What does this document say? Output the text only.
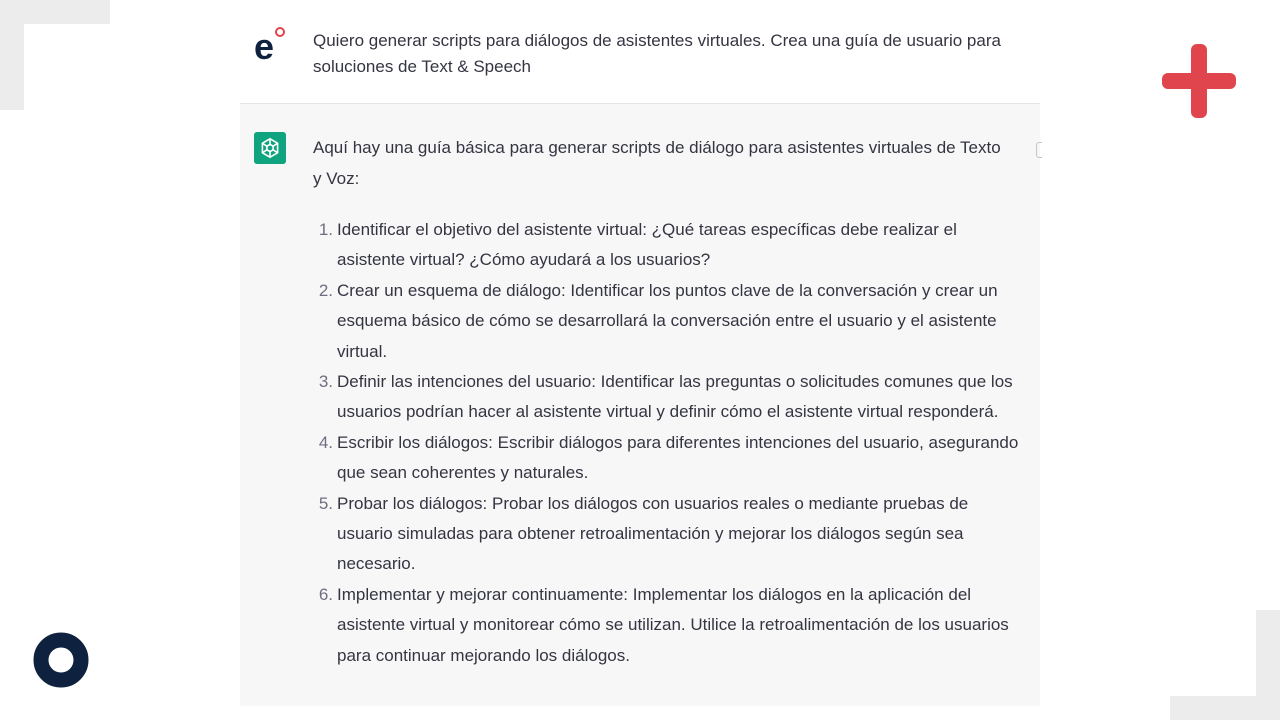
e Quiero generar scripts para diálogos de asistentes virtuales. Crea una guía de usuario para soluciones de Text & Speech

Aquí hay una guía básica para generar scripts de diálogo para asistentes virtuales de Texto y Voz:

1. Identificar el objetivo del asistente virtual: ¿Qué tareas específicas debe realizar el asistente virtual? ¿Cómo ayudará a los usuarios?
2. Crear un esquema de diálogo: Identificar los puntos clave de la conversación y crear un esquema básico de cómo se desarrollará la conversación entre el usuario y el asistente virtual.
3. Definir las intenciones del usuario: Identificar las preguntas o solicitudes comunes que los usuarios podrían hacer al asistente virtual y definir cómo el asistente virtual responderá.
4. Escribir los diálogos: Escribir diálogos para diferentes intenciones del usuario, asegurando que sean coherentes y naturales.
5. Probar los diálogos: Probar los diálogos con usuarios reales o mediante pruebas de usuario simuladas para obtener retroalimentación y mejorar los diálogos según sea necesario.
6. Implementar y mejorar continuamente: Implementar los diálogos en la aplicación del asistente virtual y monitorear cómo se utilizan. Utilice la retroalimentación de los usuarios para continuar mejorando los diálogos.
